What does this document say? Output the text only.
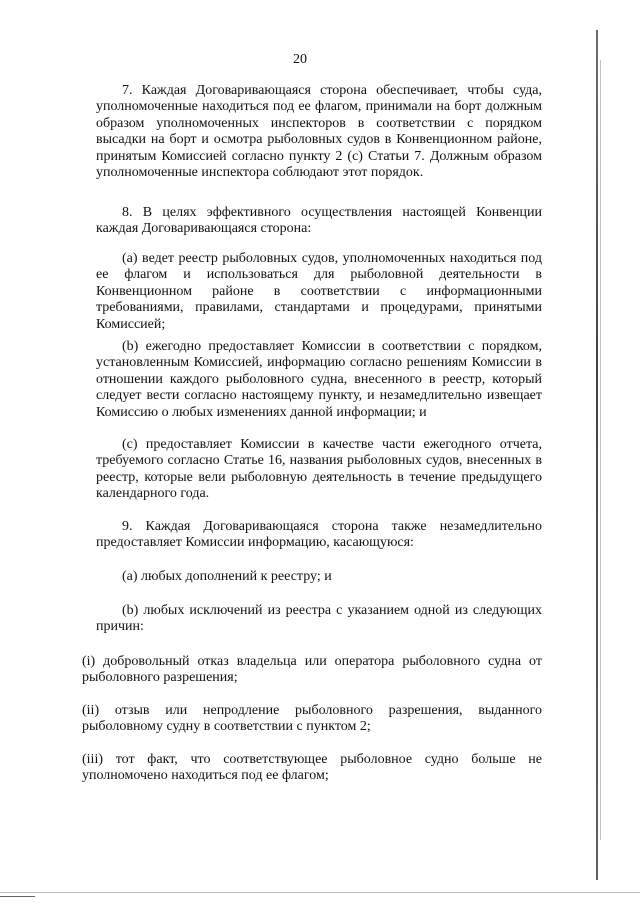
20

7. Каждая Договаривающаяся сторона обеспечивает, чтобы суда, уполномоченные находиться под ее флагом, принимали на борт должным образом уполномоченных инспекторов в соответствии с порядком высадки на борт и осмотра рыболовных судов в Конвенционном районе, принятым Комиссией согласно пункту 2 (c) Статьи 7. Должным образом уполномоченные инспектора соблюдают этот порядок.

8. В целях эффективного осуществления настоящей Конвенции каждая Договаривающаяся сторона:

(a) ведет реестр рыболовных судов, уполномоченных находиться под ее флагом и использоваться для рыболовной деятельности в Конвенционном районе в соответствии с информационными требованиями, правилами, стандартами и процедурами, принятыми Комиссией;

(b) ежегодно предоставляет Комиссии в соответствии с порядком, установленным Комиссией, информацию согласно решениям Комиссии в отношении каждого рыболовного судна, внесенного в реестр, который следует вести согласно настоящему пункту, и незамедлительно извещает Комиссию о любых изменениях данной информации; и

(c) предоставляет Комиссии в качестве части ежегодного отчета, требуемого согласно Статье 16, названия рыболовных судов, внесенных в реестр, которые вели рыболовную деятельность в течение предыдущего календарного года.

9. Каждая Договаривающаяся сторона также незамедлительно предоставляет Комиссии информацию, касающуюся:

(a) любых дополнений к реестру; и

(b) любых исключений из реестра с указанием одной из следующих причин:

(i) добровольный отказ владельца или оператора рыболовного судна от рыболовного разрешения;

(ii) отзыв или непродление рыболовного разрешения, выданного рыболовному судну в соответствии с пунктом 2;

(iii) тот факт, что соответствующее рыболовное судно больше не уполномочено находиться под ее флагом;
